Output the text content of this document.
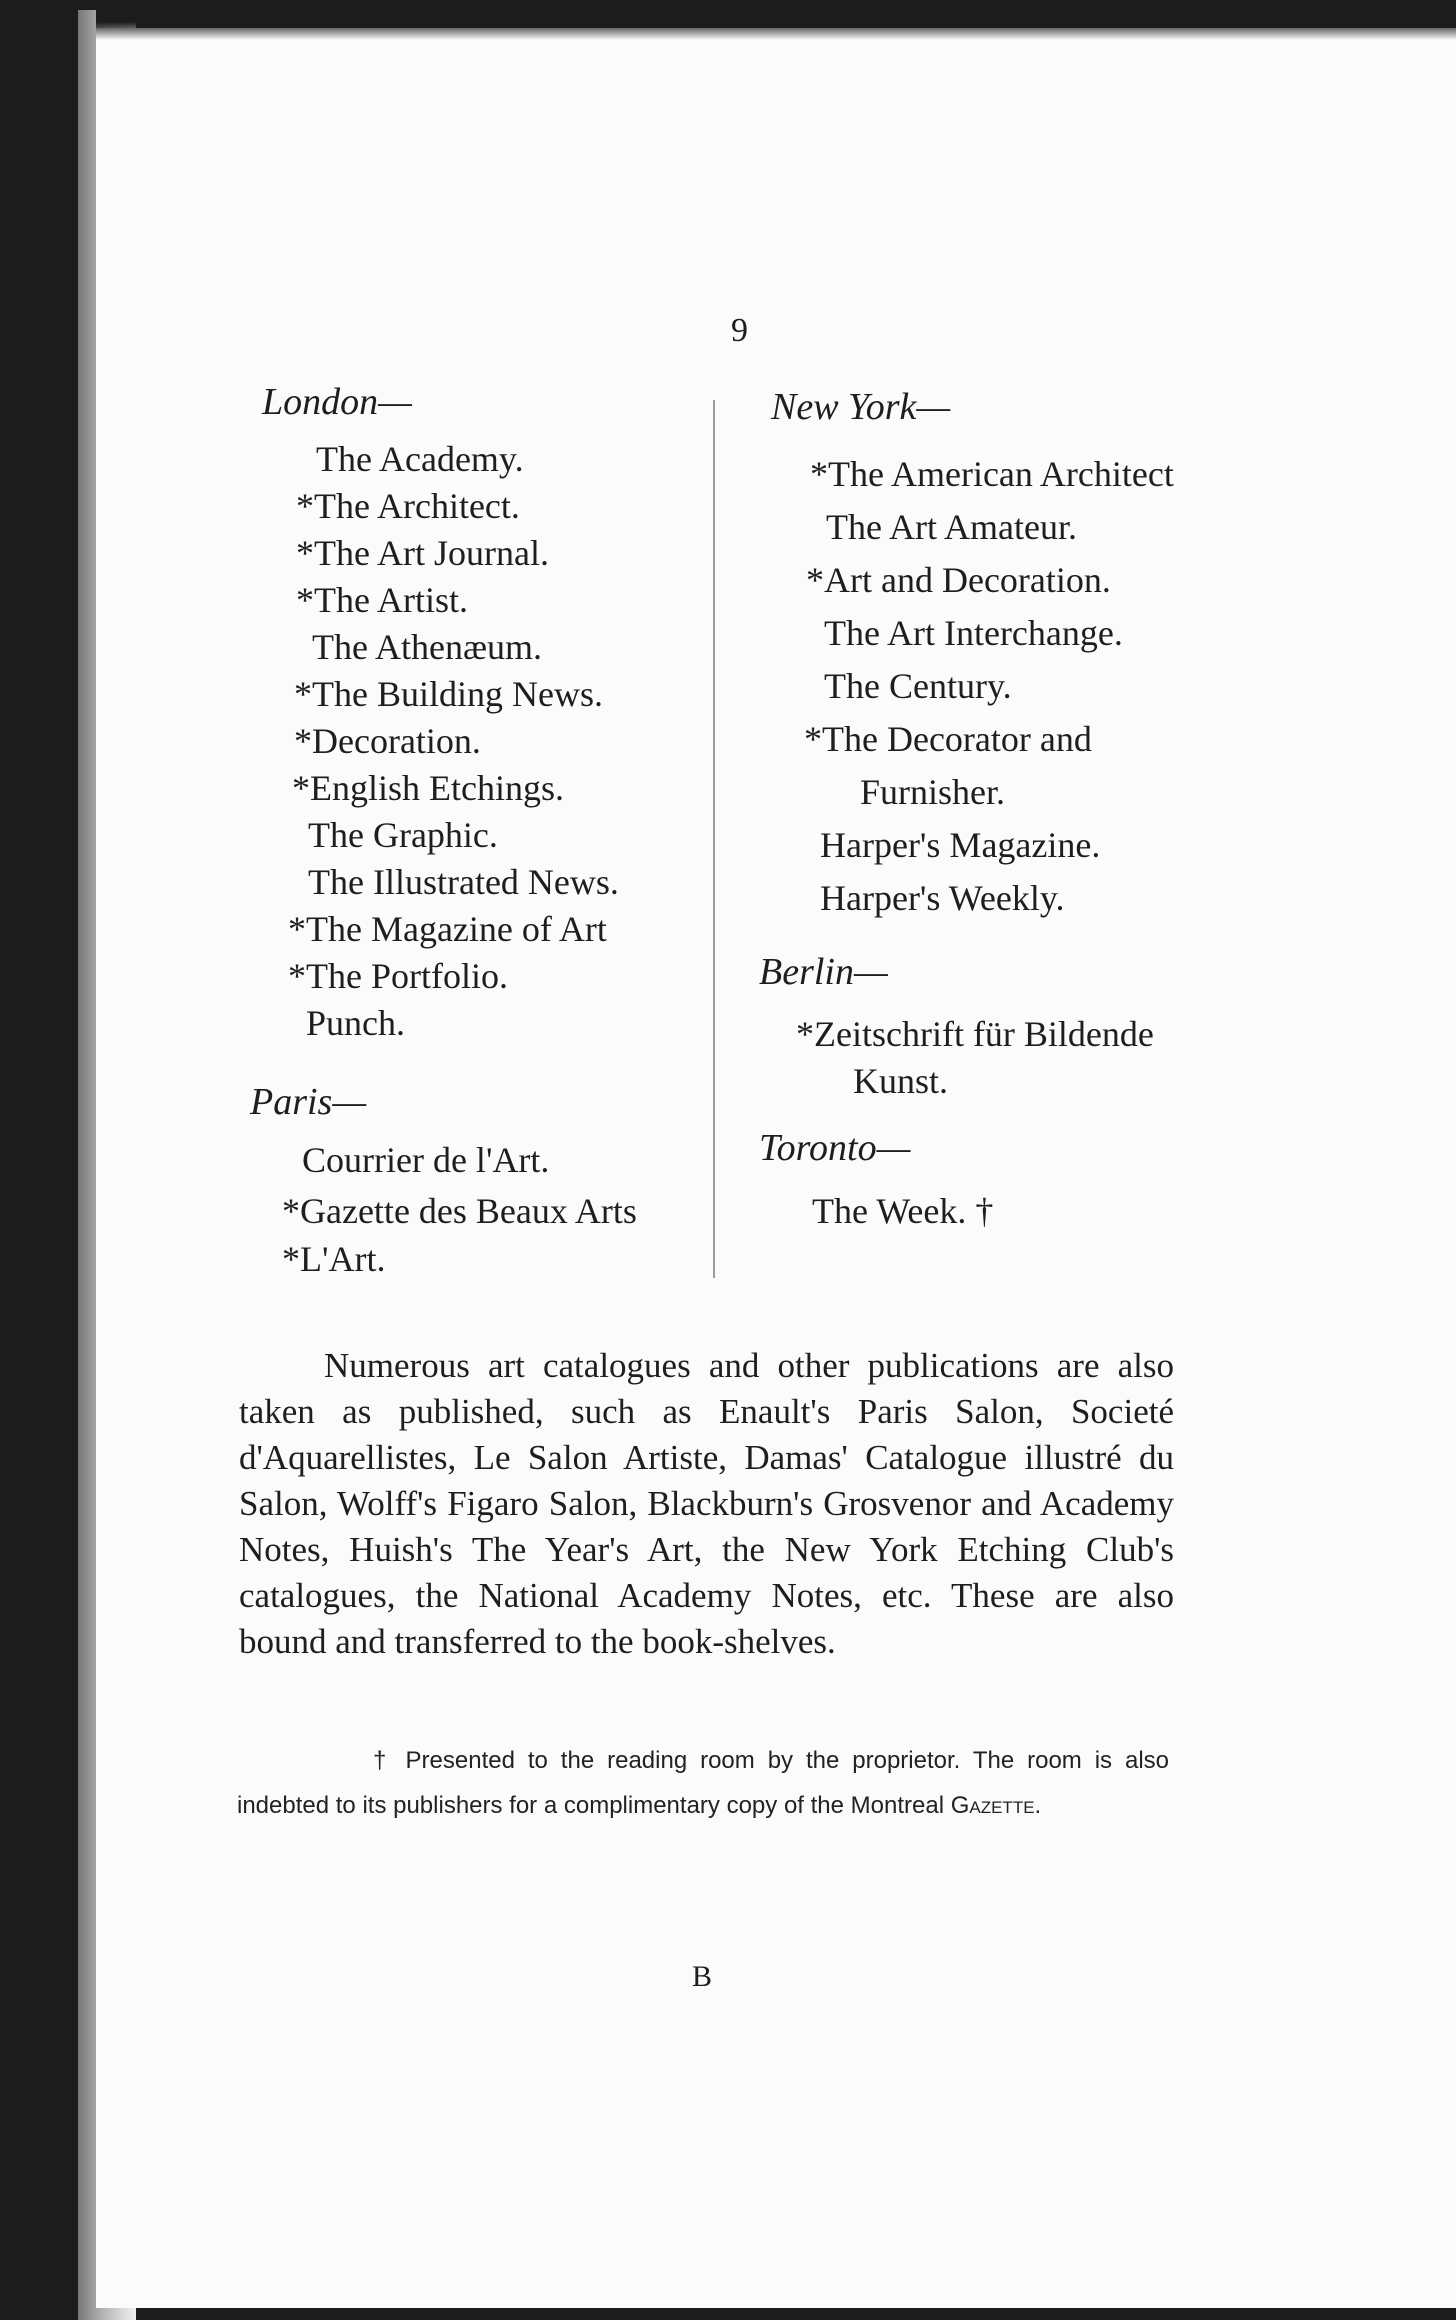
9
London—
The Academy.
*The Architect.
*The Art Journal.
*The Artist.
The Athenæum.
*The Building News.
*Decoration.
*English Etchings.
The Graphic.
The Illustrated News.
*The Magazine of Art
*The Portfolio.
Punch.
Paris—
Courrier de l'Art.
*Gazette des Beaux Arts
*L'Art.
New York—
*The American Architect
The Art Amateur.
*Art and Decoration.
The Art Interchange.
The Century.
*The Decorator and
Furnisher.
Harper's Magazine.
Harper's Weekly.
Berlin—
*Zeitschrift für Bildende
Kunst.
Toronto—
The Week. †

Numerous art catalogues and other publications are also taken as published, such as Enault's Paris Salon, Societé d'Aquarellistes, Le Salon Artiste, Damas' Catalogue illustré du Salon, Wolff's Figaro Salon, Blackburn's Grosvenor and Academy Notes, Huish's The Year's Art, the New York Etching Club's catalogues, the National Academy Notes, etc. These are also bound and transferred to the book-shelves.

† Presented to the reading room by the proprietor. The room is also indebted to its publishers for a complimentary copy of the Montreal Gazette.

B
